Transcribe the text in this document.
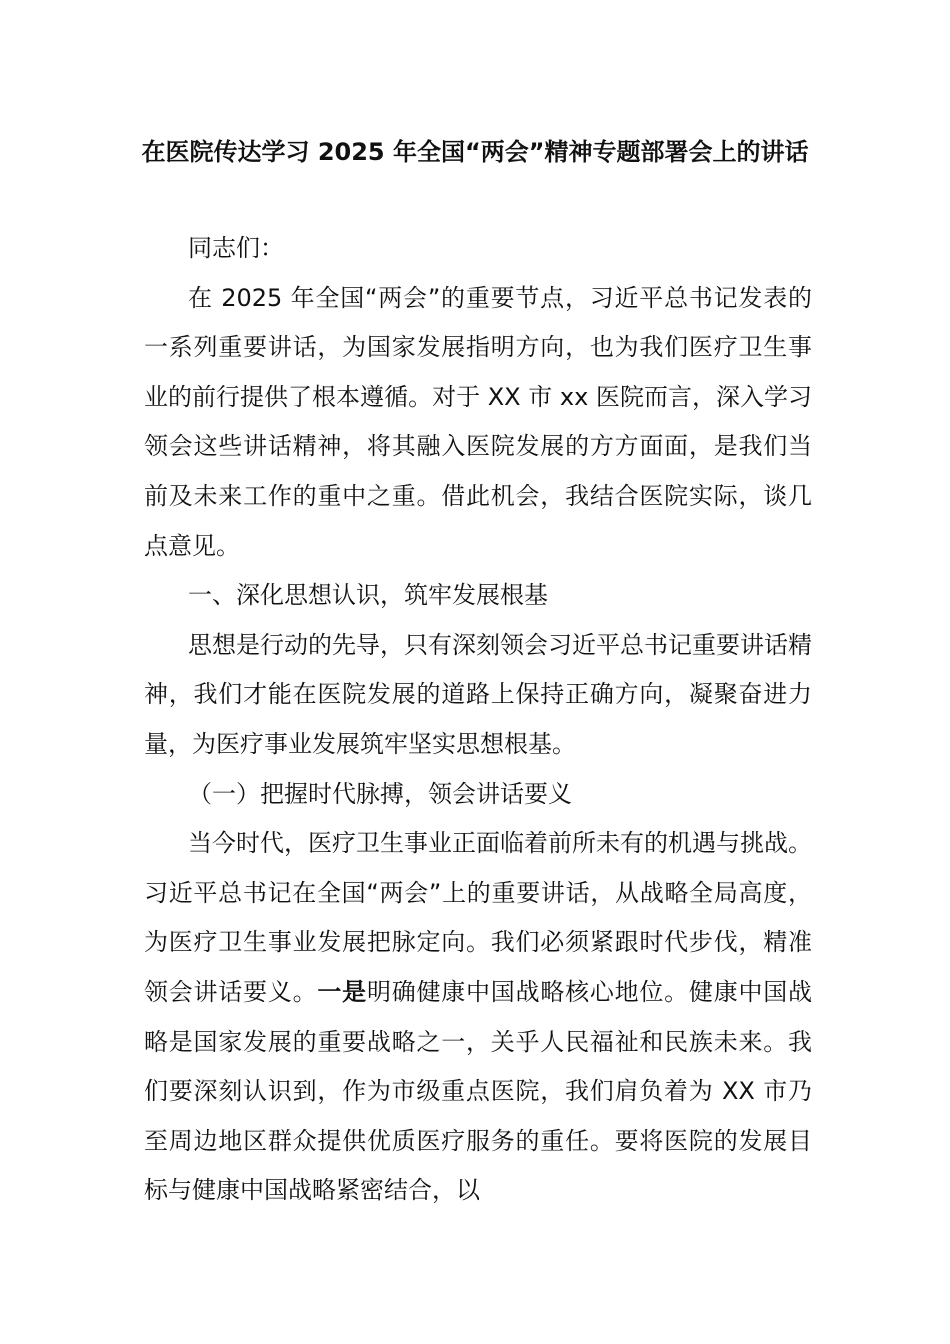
在医院传达学习 2025 年全国“两会”精神专题部署会上的讲话

同志们：

在 2025 年全国“两会”的重要节点，习近平总书记发表的一系列重要讲话，为国家发展指明方向，也为我们医疗卫生事业的前行提供了根本遵循。对于 XX 市 xx 医院而言，深入学习领会这些讲话精神，将其融入医院发展的方方面面，是我们当前及未来工作的重中之重。借此机会，我结合医院实际，谈几点意见。

一、深化思想认识，筑牢发展根基

思想是行动的先导，只有深刻领会习近平总书记重要讲话精神，我们才能在医院发展的道路上保持正确方向，凝聚奋进力量，为医疗事业发展筑牢坚实思想根基。

（一）把握时代脉搏，领会讲话要义

当今时代，医疗卫生事业正面临着前所未有的机遇与挑战。习近平总书记在全国“两会”上的重要讲话，从战略全局高度，为医疗卫生事业发展把脉定向。我们必须紧跟时代步伐，精准领会讲话要义。一是明确健康中国战略核心地位。健康中国战略是国家发展的重要战略之一，关乎人民福祉和民族未来。我们要深刻认识到，作为市级重点医院，我们肩负着为 XX 市乃至周边地区群众提供优质医疗服务的重任。要将医院的发展目标与健康中国战略紧密结合，以
